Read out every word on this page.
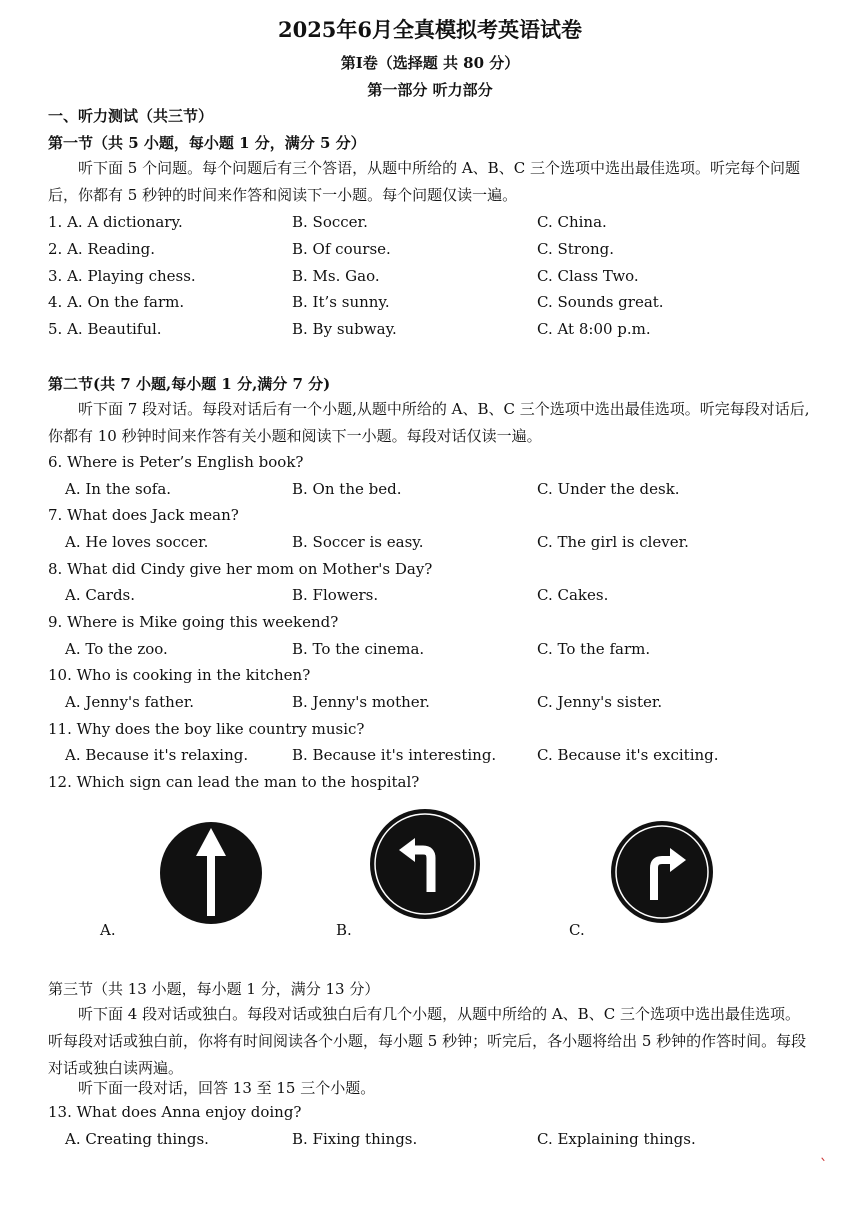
2025年6月全真模拟考英语试卷
第Ⅰ卷（选择题 共 80 分）
第一部分 听力部分
一、听力测试（共三节）
第一节（共 5 小题，每小题 1 分，满分 5 分）
听下面 5 个问题。每个问题后有三个答语，从题中所给的 A、B、C 三个选项中选出最佳选项。听完每个问题后，你都有 5 秒钟的时间来作答和阅读下一小题。每个问题仅读一遍。
1. A. A dictionary.	B. Soccer.	C. China.
2. A. Reading.	B. Of course.	C. Strong.
3. A. Playing chess.	B. Ms. Gao.	C. Class Two.
4. A. On the farm.	B. It’s sunny.	C. Sounds great.
5. A. Beautiful.	B. By subway.	C. At 8:00 p.m.
第二节(共 7 小题,每小题 1 分,满分 7 分)
听下面 7 段对话。每段对话后有一个小题,从题中所给的 A、B、C 三个选项中选出最佳选项。听完每段对话后,你都有 10 秒钟时间来作答有关小题和阅读下一小题。每段对话仅读一遍。
6. Where is Peter’s English book?
A. In the sofa.	B. On the bed.	C. Under the desk.
7. What does Jack mean?
A. He loves soccer.	B. Soccer is easy.	C. The girl is clever.
8. What did Cindy give her mom on Mother's Day?
A. Cards.	B. Flowers.	C. Cakes.
9. Where is Mike going this weekend?
A. To the zoo.	B. To the cinema.	C. To the farm.
10. Who is cooking in the kitchen?
A. Jenny's father.	B. Jenny's mother.	C. Jenny's sister.
11. Why does the boy like country music?
A. Because it's relaxing.	B. Because it's interesting.	C. Because it's exciting.
12. Which sign can lead the man to the hospital?
A.	B.	C.
第三节（共 13 小题，每小题 1 分，满分 13 分）
听下面 4 段对话或独白。每段对话或独白后有几个小题，从题中所给的 A、B、C 三个选项中选出最佳选项。听每段对话或独白前，你将有时间阅读各个小题，每小题 5 秒钟；听完后，各小题将给出 5 秒钟的作答时间。每段对话或独白读两遍。
听下面一段对话，回答 13 至 15 三个小题。
13. What does Anna enjoy doing?
A. Creating things.	B. Fixing things.	C. Explaining things.
